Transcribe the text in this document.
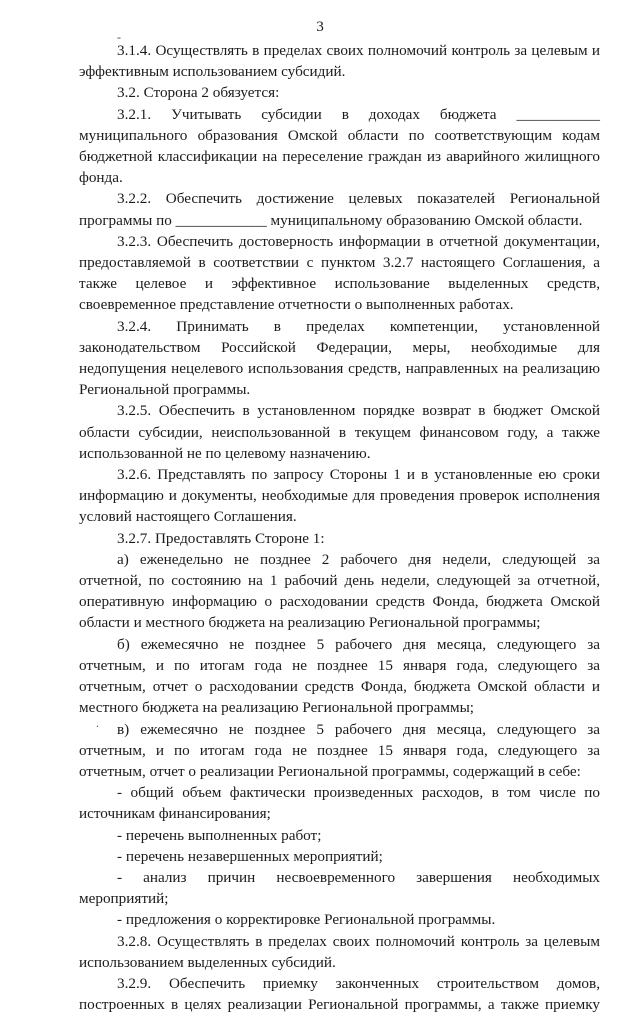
3
-
.

3.1.4. Осуществлять в пределах своих полномочий контроль за целевым и эффективным использованием субсидий.

3.2. Сторона 2 обязуется:

3.2.1. Учитывать субсидии в доходах бюджета ___________ муниципального образования Омской области по соответствующим кодам бюджетной классификации на переселение граждан из аварийного жилищного фонда.

3.2.2. Обеспечить достижение целевых показателей Региональной программы по ____________ муниципальному образованию Омской области.

3.2.3. Обеспечить достоверность информации в отчетной документации, предоставляемой в соответствии с пунктом 3.2.7 настоящего Соглашения, а также целевое и эффективное использование выделенных средств, своевременное представление отчетности о выполненных работах.

3.2.4. Принимать в пределах компетенции, установленной законодательством Российской Федерации, меры, необходимые для недопущения нецелевого использования средств, направленных на реализацию Региональной программы.

3.2.5. Обеспечить в установленном порядке возврат в бюджет Омской области субсидии, неиспользованной в текущем финансовом году, а также использованной не по целевому назначению.

3.2.6. Представлять по запросу Стороны 1 и в установленные ею сроки информацию и документы, необходимые для проведения проверок исполнения условий настоящего Соглашения.

3.2.7. Предоставлять Стороне 1:

а) еженедельно не позднее 2 рабочего дня недели, следующей за отчетной, по состоянию на 1 рабочий день недели, следующей за отчетной, оперативную информацию о расходовании средств Фонда, бюджета Омской области и местного бюджета на реализацию Региональной программы;

б) ежемесячно не позднее 5 рабочего дня месяца, следующего за отчетным, и по итогам года не позднее 15 января года, следующего за отчетным, отчет о расходовании средств Фонда, бюджета Омской области и местного бюджета на реализацию Региональной программы;

в) ежемесячно не позднее 5 рабочего дня месяца, следующего за отчетным, и по итогам года не позднее 15 января года, следующего за отчетным, отчет о реализации Региональной программы, содержащий в себе:

- общий объем фактически произведенных расходов, в том числе по источникам финансирования;

- перечень выполненных работ;

- перечень незавершенных мероприятий;

- анализ причин несвоевременного завершения необходимых мероприятий;

- предложения о корректировке Региональной программы.

3.2.8. Осуществлять в пределах своих полномочий контроль за целевым использованием выделенных субсидий.

3.2.9. Обеспечить приемку законченных строительством домов, построенных в целях реализации Региональной программы, а также приемку
